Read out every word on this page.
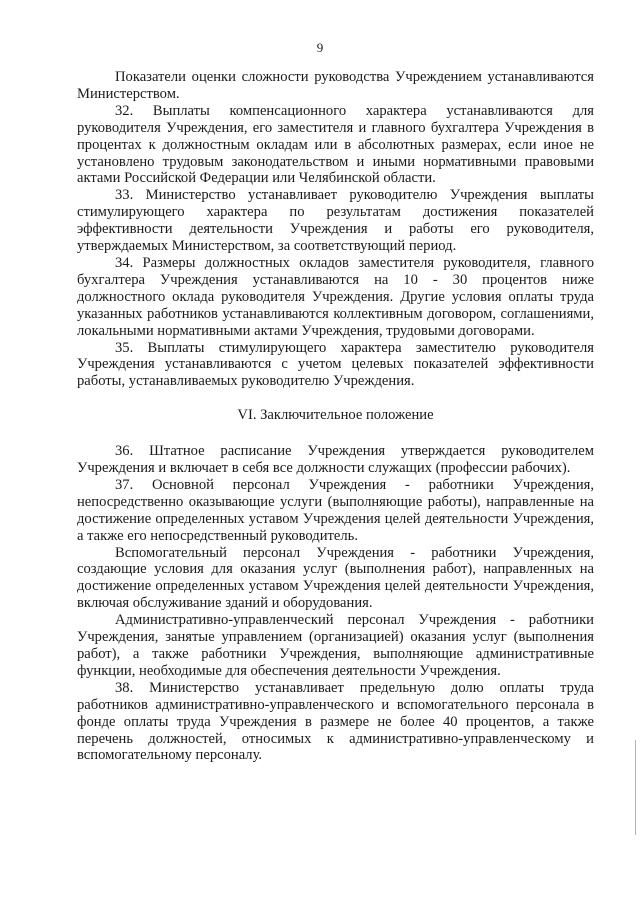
9

Показатели оценки сложности руководства Учреждением устанавливаются Министерством.

32. Выплаты компенсационного характера устанавливаются для руководителя Учреждения, его заместителя и главного бухгалтера Учреждения в процентах к должностным окладам или в абсолютных размерах, если иное не установлено трудовым законодательством и иными нормативными правовыми актами Российской Федерации или Челябинской области.

33. Министерство устанавливает руководителю Учреждения выплаты стимулирующего характера по результатам достижения показателей эффективности деятельности Учреждения и работы его руководителя, утверждаемых Министерством, за соответствующий период.

34. Размеры должностных окладов заместителя руководителя, главного бухгалтера Учреждения устанавливаются на 10 - 30 процентов ниже должностного оклада руководителя Учреждения. Другие условия оплаты труда указанных работников устанавливаются коллективным договором, соглашениями, локальными нормативными актами Учреждения, трудовыми договорами.

35. Выплаты стимулирующего характера заместителю руководителя Учреждения устанавливаются с учетом целевых показателей эффективности работы, устанавливаемых руководителю Учреждения.

VI. Заключительное положение

36. Штатное расписание Учреждения утверждается руководителем Учреждения и включает в себя все должности служащих (профессии рабочих).

37. Основной персонал Учреждения - работники Учреждения, непосредственно оказывающие услуги (выполняющие работы), направленные на достижение определенных уставом Учреждения целей деятельности Учреждения, а также его непосредственный руководитель.

Вспомогательный персонал Учреждения - работники Учреждения, создающие условия для оказания услуг (выполнения работ), направленных на достижение определенных уставом Учреждения целей деятельности Учреждения, включая обслуживание зданий и оборудования.

Административно-управленческий персонал Учреждения - работники Учреждения, занятые управлением (организацией) оказания услуг (выполнения работ), а также работники Учреждения, выполняющие административные функции, необходимые для обеспечения деятельности Учреждения.

38. Министерство устанавливает предельную долю оплаты труда работников административно-управленческого и вспомогательного персонала в фонде оплаты труда Учреждения в размере не более 40 процентов, а также перечень должностей, относимых к административно-управленческому и вспомогательному персоналу.
